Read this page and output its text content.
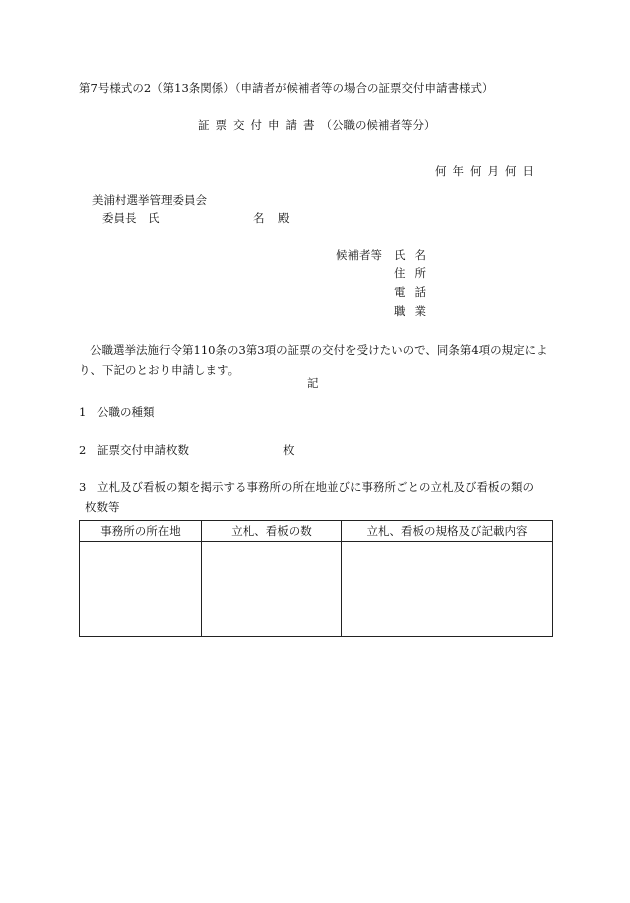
第7号様式の2（第13条関係）（申請者が候補者等の場合の証票交付申請書様式）
証票交付申請書（公職の候補者等分）
何年何月何日
美浦村選挙管理委員会
委員長 氏	名 殿
候補者等 氏名
住所
電話
職業
公職選挙法施行令第110条の3第3項の証票の交付を受けたいので、同条第4項の規定により、下記のとおり申請します。
記
1 公職の種類
2 証票交付申請枚数	枚
3 立札及び看板の類を掲示する事務所の所在地並びに事務所ごとの立札及び看板の類の
枚数等
事務所の所在地	立札、看板の数	立札、看板の規格及び記載内容
